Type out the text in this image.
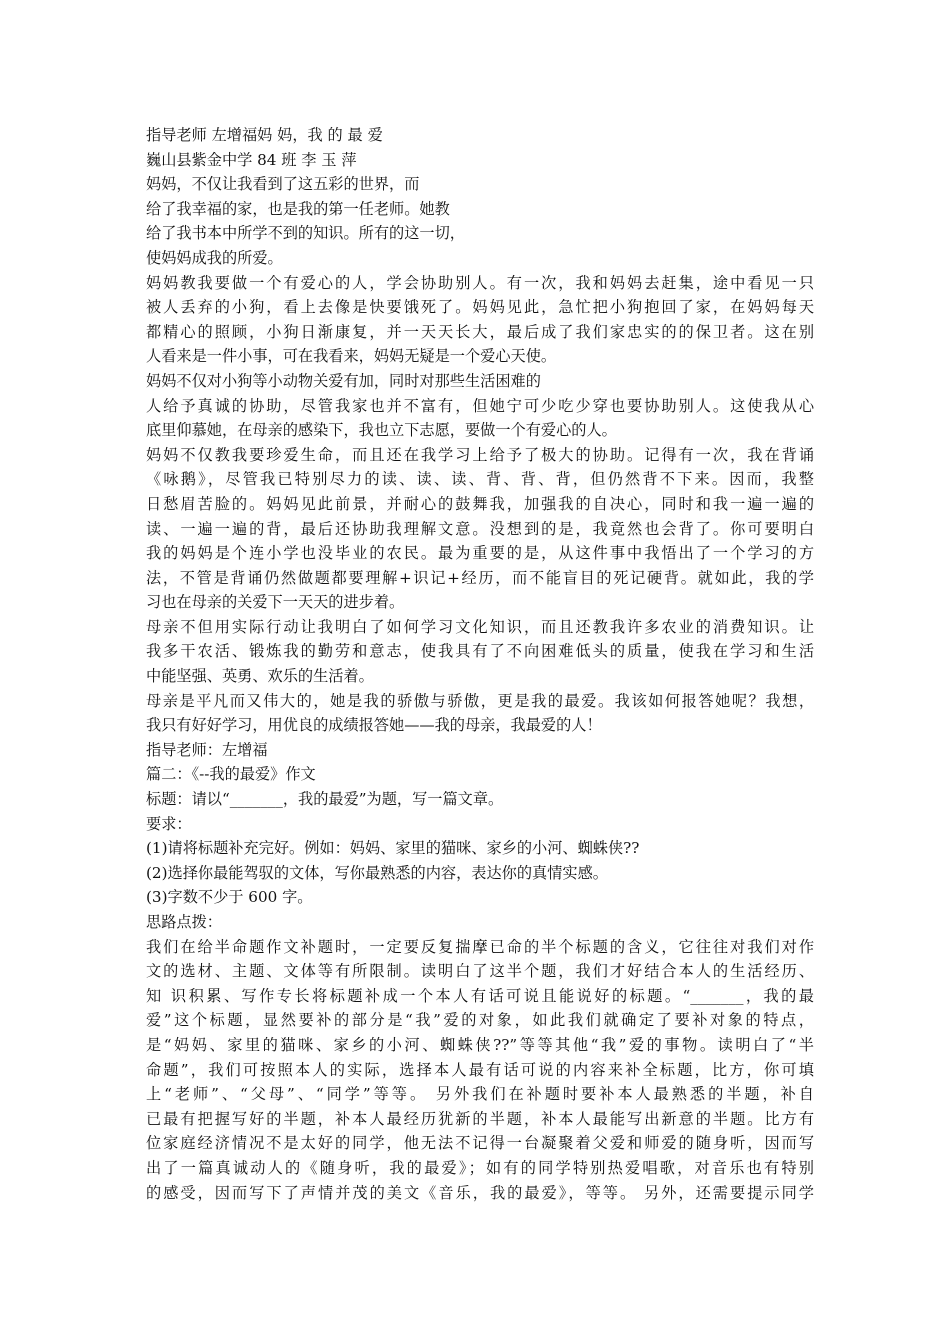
指导老师 左增福妈 妈，我 的 最 爱
巍山县紫金中学 84 班 李 玉 萍
妈妈，不仅让我看到了这五彩的世界，而
给了我幸福的家，也是我的第一任老师。她教
给了我书本中所学不到的知识。所有的这一切，
使妈妈成我的所爱。
妈妈教我要做一个有爱心的人，学会协助别人。有一次，我和妈妈去赶集，途中看见一只
被人丢弃的小狗，看上去像是快要饿死了。妈妈见此，急忙把小狗抱回了家，在妈妈每天
都精心的照顾，小狗日渐康复，并一天天长大，最后成了我们家忠实的的保卫者。这在别
人看来是一件小事，可在我看来，妈妈无疑是一个爱心天使。
妈妈不仅对小狗等小动物关爱有加，同时对那些生活困难的
人给予真诚的协助，尽管我家也并不富有，但她宁可少吃少穿也要协助别人。这使我从心
底里仰慕她，在母亲的感染下，我也立下志愿，要做一个有爱心的人。
妈妈不仅教我要珍爱生命，而且还在我学习上给予了极大的协助。记得有一次，我在背诵
《咏鹅》，尽管我已特别尽力的读、读、读、背、背、背，但仍然背不下来。因而，我整
日愁眉苦脸的。妈妈见此前景，并耐心的鼓舞我，加强我的自决心，同时和我一遍一遍的
读、一遍一遍的背，最后还协助我理解文意。没想到的是，我竟然也会背了。你可要明白
我的妈妈是个连小学也没毕业的农民。最为重要的是，从这件事中我悟出了一个学习的方
法，不管是背诵仍然做题都要理解+识记+经历，而不能盲目的死记硬背。就如此，我的学
习也在母亲的关爱下一天天的进步着。
母亲不但用实际行动让我明白了如何学习文化知识，而且还教我许多农业的消费知识。让
我多干农活、锻炼我的勤劳和意志，使我具有了不向困难低头的质量，使我在学习和生活
中能坚强、英勇、欢乐的生活着。
母亲是平凡而又伟大的，她是我的骄傲与骄傲，更是我的最爱。我该如何报答她呢？我想，
我只有好好学习，用优良的成绩报答她——我的母亲，我最爱的人！
指导老师：左增福
篇二：《--我的最爱》作文
标题：请以“_______，我的最爱”为题，写一篇文章。
要求：
(1)请将标题补充完好。例如：妈妈、家里的猫咪、家乡的小河、蜘蛛侠??
(2)选择你最能驾驭的文体，写你最熟悉的内容，表达你的真情实感。
(3)字数不少于 600 字。
思路点拨：
我们在给半命题作文补题时，一定要反复揣摩已命的半个标题的含义，它往往对我们对作
文的选材、主题、文体等有所限制。读明白了这半个题，我们才好结合本人的生活经历、
知 识积累、写作专长将标题补成一个本人有话可说且能说好的标题。“_______，我的最
爱”这个标题，显然要补的部分是“我”爱的对象，如此我们就确定了要补对象的特点，
是“妈妈、家里的猫咪、家乡的小河、蜘蛛侠??”等等其他“我”爱的事物。读明白了“半
命题”，我们可按照本人的实际，选择本人最有话可说的内容来补全标题，比方，你可填
上“老师”、“父母”、“同学”等等。 另外我们在补题时要补本人最熟悉的半题，补自
已最有把握写好的半题，补本人最经历犹新的半题，补本人最能写出新意的半题。比方有
位家庭经济情况不是太好的同学，他无法不记得一台凝聚着父爱和师爱的随身听，因而写
出了一篇真诚动人的《随身听，我的最爱》；如有的同学特别热爱唱歌，对音乐也有特别
的感受，因而写下了声情并茂的美文《音乐，我的最爱》，等等。 另外，还需要提示同学
